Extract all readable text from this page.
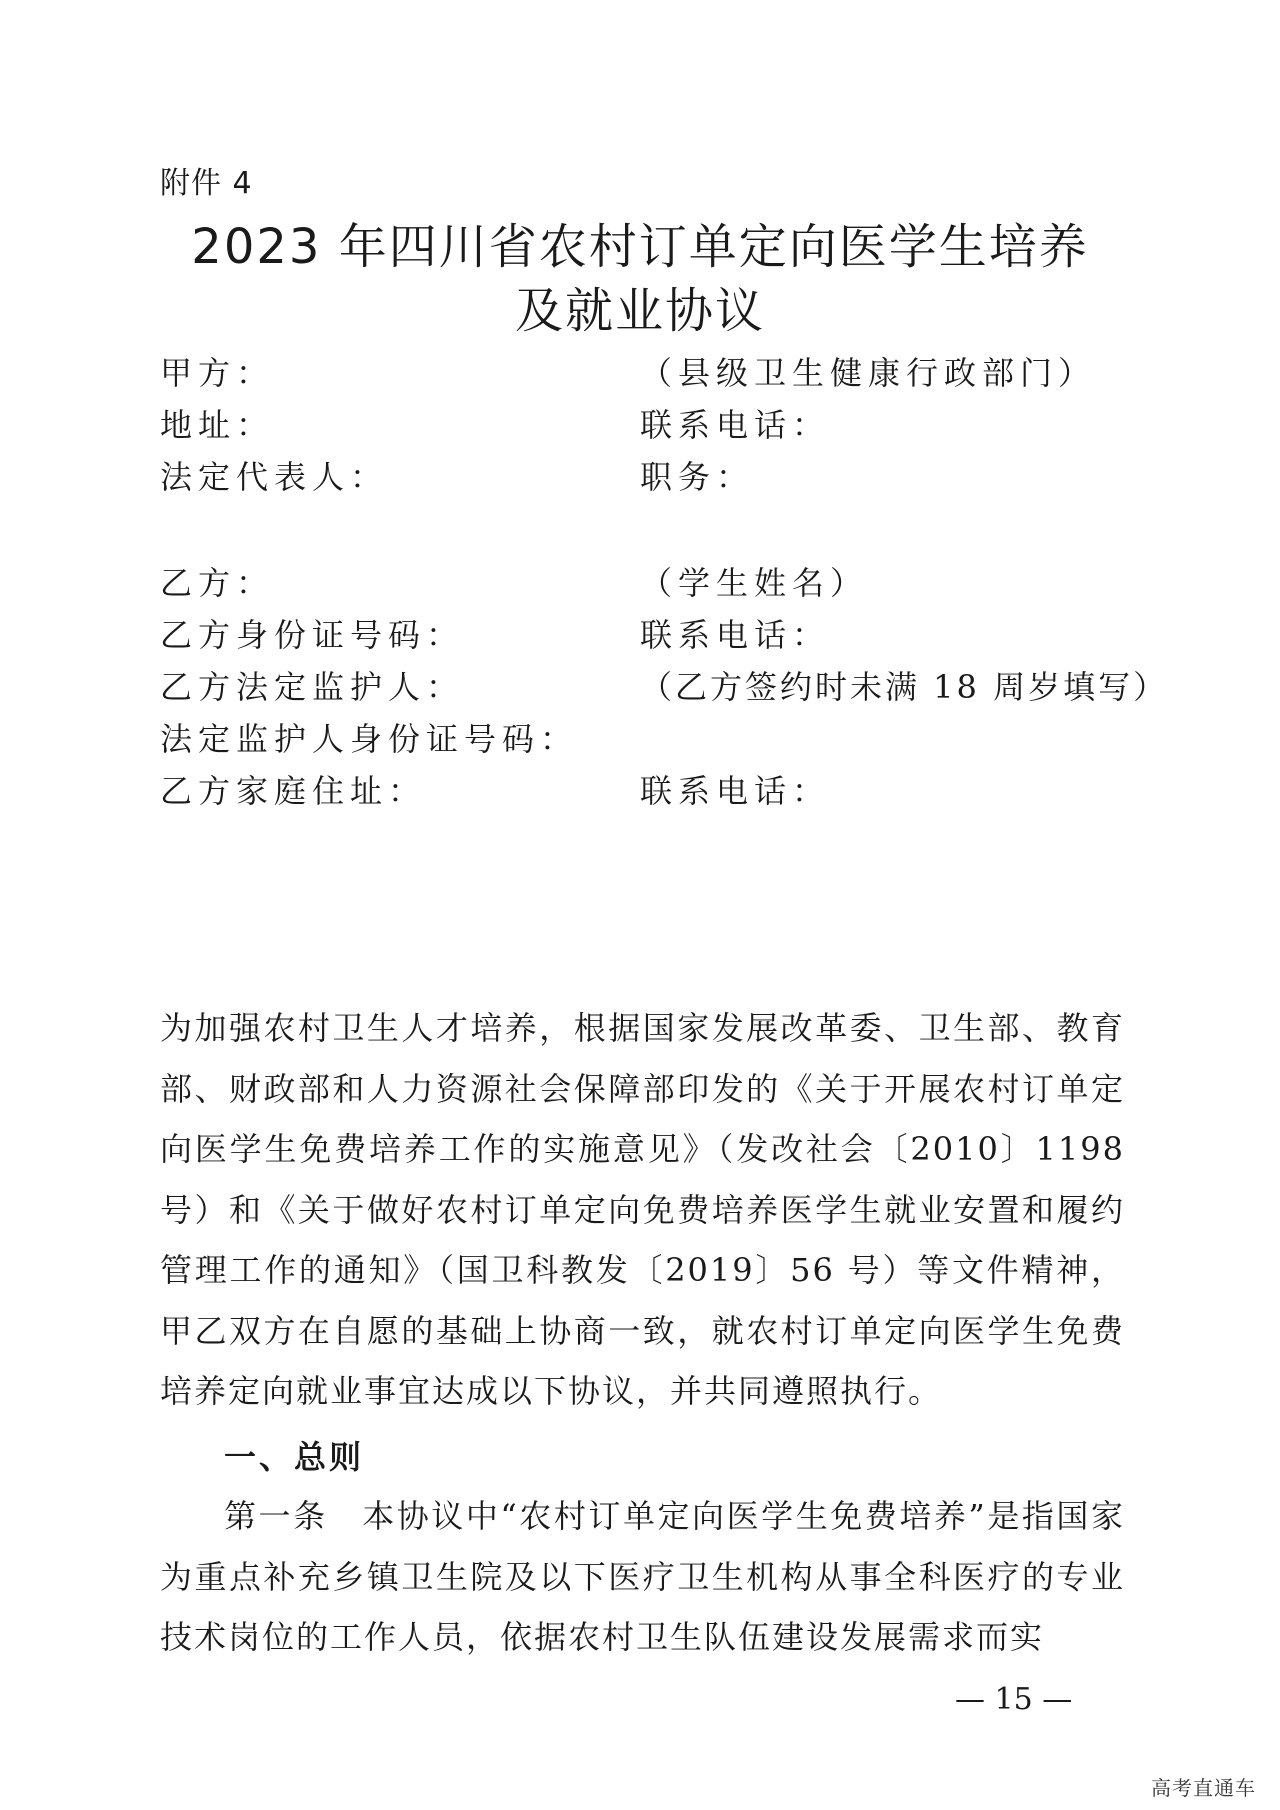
附件 4
2023 年四川省农村订单定向医学生培养
及就业协议
甲方：	（县级卫生健康行政部门）
地址：	联系电话：
法定代表人：	职务：
乙方：	（学生姓名）
乙方身份证号码：	联系电话：
乙方法定监护人：	（乙方签约时未满 18 周岁填写）
法定监护人身份证号码：
乙方家庭住址：	联系电话：
为加强农村卫生人才培养，根据国家发展改革委、卫生部、教育部、财政部和人力资源社会保障部印发的《关于开展农村订单定向医学生免费培养工作的实施意见》（发改社会〔2010〕1198 号）和《关于做好农村订单定向免费培养医学生就业安置和履约管理工作的通知》（国卫科教发〔2019〕56 号）等文件精神，甲乙双方在自愿的基础上协商一致，就农村订单定向医学生免费培养定向就业事宜达成以下协议，并共同遵照执行。
一、总则
第一条　本协议中“农村订单定向医学生免费培养”是指国家为重点补充乡镇卫生院及以下医疗卫生机构从事全科医疗的专业技术岗位的工作人员，依据农村卫生队伍建设发展需求而实
— 15 —
高考直通车
